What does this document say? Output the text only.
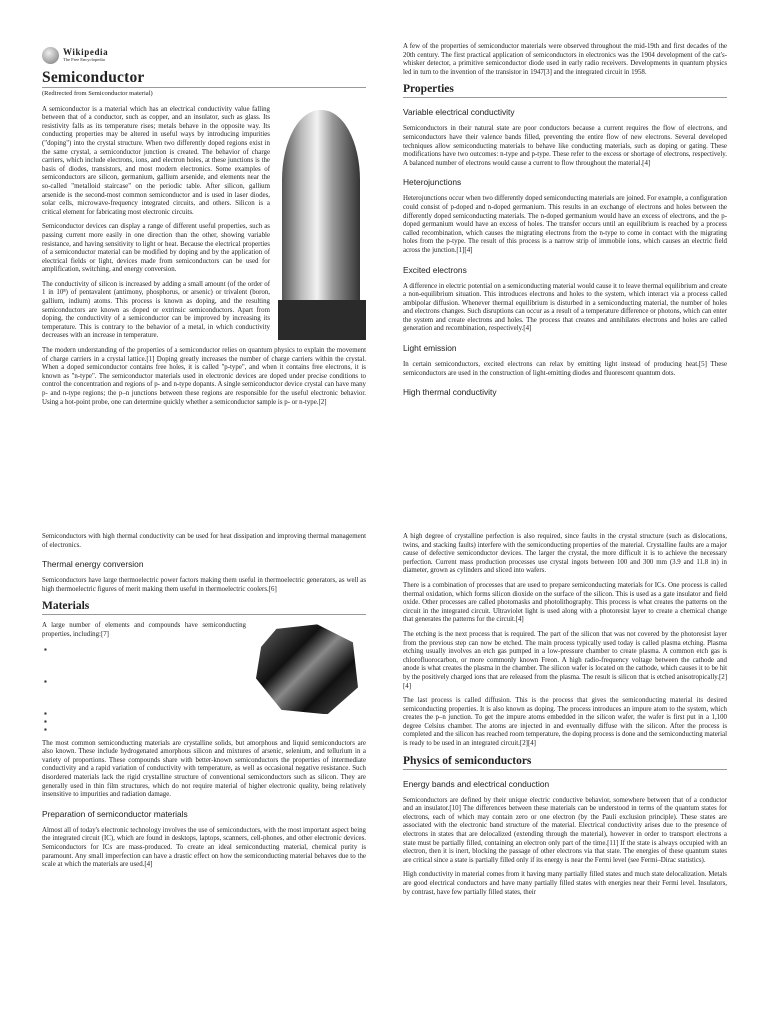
Wikipedia
The Free Encyclopedia
Semiconductor
(Redirected from Semiconductor material)

A semiconductor is a material which has an electrical conductivity value falling between that of a conductor, such as copper, and an insulator, such as glass. Its resistivity falls as its temperature rises; metals behave in the opposite way. Its conducting properties may be altered in useful ways by introducing impurities ("doping") into the crystal structure. When two differently doped regions exist in the same crystal, a semiconductor junction is created. The behavior of charge carriers, which include electrons, ions, and electron holes, at these junctions is the basis of diodes, transistors, and most modern electronics. Some examples of semiconductors are silicon, germanium, gallium arsenide, and elements near the so-called "metalloid staircase" on the periodic table. After silicon, gallium arsenide is the second-most common semiconductor and is used in laser diodes, solar cells, microwave-frequency integrated circuits, and others. Silicon is a critical element for fabricating most electronic circuits.

Semiconductor devices can display a range of different useful properties, such as passing current more easily in one direction than the other, showing variable resistance, and having sensitivity to light or heat. Because the electrical properties of a semiconductor material can be modified by doping and by the application of electrical fields or light, devices made from semiconductors can be used for amplification, switching, and energy conversion.

The conductivity of silicon is increased by adding a small amount (of the order of 1 in 10⁸) of pentavalent (antimony, phosphorus, or arsenic) or trivalent (boron, gallium, indium) atoms. This process is known as doping, and the resulting semiconductors are known as doped or extrinsic semiconductors. Apart from doping, the conductivity of a semiconductor can be improved by increasing its temperature. This is contrary to the behavior of a metal, in which conductivity decreases with an increase in temperature.

The modern understanding of the properties of a semiconductor relies on quantum physics to explain the movement of charge carriers in a crystal lattice.[1] Doping greatly increases the number of charge carriers within the crystal. When a doped semiconductor contains free holes, it is called "p-type", and when it contains free electrons, it is known as "n-type". The semiconductor materials used in electronic devices are doped under precise conditions to control the concentration and regions of p- and n-type dopants. A single semiconductor device crystal can have many p- and n-type regions; the p–n junctions between these regions are responsible for the useful electronic behavior. Using a hot-point probe, one can determine quickly whether a semiconductor sample is p- or n-type.[2]

A few of the properties of semiconductor materials were observed throughout the mid-19th and first decades of the 20th century. The first practical application of semiconductors in electronics was the 1904 development of the cat's-whisker detector, a primitive semiconductor diode used in early radio receivers. Developments in quantum physics led in turn to the invention of the transistor in 1947[3] and the integrated circuit in 1958.

Properties
Variable electrical conductivity

Semiconductors in their natural state are poor conductors because a current requires the flow of electrons, and semiconductors have their valence bands filled, preventing the entire flow of new electrons. Several developed techniques allow semiconducting materials to behave like conducting materials, such as doping or gating. These modifications have two outcomes: n-type and p-type. These refer to the excess or shortage of electrons, respectively. A balanced number of electrons would cause a current to flow throughout the material.[4]

Heterojunctions

Heterojunctions occur when two differently doped semiconducting materials are joined. For example, a configuration could consist of p-doped and n-doped germanium. This results in an exchange of electrons and holes between the differently doped semiconducting materials. The n-doped germanium would have an excess of electrons, and the p-doped germanium would have an excess of holes. The transfer occurs until an equilibrium is reached by a process called recombination, which causes the migrating electrons from the n-type to come in contact with the migrating holes from the p-type. The result of this process is a narrow strip of immobile ions, which causes an electric field across the junction.[1][4]

Excited electrons

A difference in electric potential on a semiconducting material would cause it to leave thermal equilibrium and create a non-equilibrium situation. This introduces electrons and holes to the system, which interact via a process called ambipolar diffusion. Whenever thermal equilibrium is disturbed in a semiconducting material, the number of holes and electrons changes. Such disruptions can occur as a result of a temperature difference or photons, which can enter the system and create electrons and holes. The process that creates and annihilates electrons and holes are called generation and recombination, respectively.[4]

Light emission

In certain semiconductors, excited electrons can relax by emitting light instead of producing heat.[5] These semiconductors are used in the construction of light-emitting diodes and fluorescent quantum dots.

High thermal conductivity

Semiconductors with high thermal conductivity can be used for heat dissipation and improving thermal management of electronics.

Thermal energy conversion

Semiconductors have large thermoelectric power factors making them useful in thermoelectric generators, as well as high thermoelectric figures of merit making them useful in thermoelectric coolers.[6]

Materials

A large number of elements and compounds have semiconducting properties, including:[7]

▪
▪
▪
▪
▪

The most common semiconducting materials are crystalline solids, but amorphous and liquid semiconductors are also known. These include hydrogenated amorphous silicon and mixtures of arsenic, selenium, and tellurium in a variety of proportions. These compounds share with better-known semiconductors the properties of intermediate conductivity and a rapid variation of conductivity with temperature, as well as occasional negative resistance. Such disordered materials lack the rigid crystalline structure of conventional semiconductors such as silicon. They are generally used in thin film structures, which do not require material of higher electronic quality, being relatively insensitive to impurities and radiation damage.

Preparation of semiconductor materials

Almost all of today's electronic technology involves the use of semiconductors, with the most important aspect being the integrated circuit (IC), which are found in desktops, laptops, scanners, cell-phones, and other electronic devices. Semiconductors for ICs are mass-produced. To create an ideal semiconducting material, chemical purity is paramount. Any small imperfection can have a drastic effect on how the semiconducting material behaves due to the scale at which the materials are used.[4]

A high degree of crystalline perfection is also required, since faults in the crystal structure (such as dislocations, twins, and stacking faults) interfere with the semiconducting properties of the material. Crystalline faults are a major cause of defective semiconductor devices. The larger the crystal, the more difficult it is to achieve the necessary perfection. Current mass production processes use crystal ingots between 100 and 300 mm (3.9 and 11.8 in) in diameter, grown as cylinders and sliced into wafers.

There is a combination of processes that are used to prepare semiconducting materials for ICs. One process is called thermal oxidation, which forms silicon dioxide on the surface of the silicon. This is used as a gate insulator and field oxide. Other processes are called photomasks and photolithography. This process is what creates the patterns on the circuit in the integrated circuit. Ultraviolet light is used along with a photoresist layer to create a chemical change that generates the patterns for the circuit.[4]

The etching is the next process that is required. The part of the silicon that was not covered by the photoresist layer from the previous step can now be etched. The main process typically used today is called plasma etching. Plasma etching usually involves an etch gas pumped in a low-pressure chamber to create plasma. A common etch gas is chlorofluorocarbon, or more commonly known Freon. A high radio-frequency voltage between the cathode and anode is what creates the plasma in the chamber. The silicon wafer is located on the cathode, which causes it to be hit by the positively charged ions that are released from the plasma. The result is silicon that is etched anisotropically.[2][4]

The last process is called diffusion. This is the process that gives the semiconducting material its desired semiconducting properties. It is also known as doping. The process introduces an impure atom to the system, which creates the p–n junction. To get the impure atoms embedded in the silicon wafer, the wafer is first put in a 1,100 degree Celsius chamber. The atoms are injected in and eventually diffuse with the silicon. After the process is completed and the silicon has reached room temperature, the doping process is done and the semiconducting material is ready to be used in an integrated circuit.[2][4]

Physics of semiconductors
Energy bands and electrical conduction

Semiconductors are defined by their unique electric conductive behavior, somewhere between that of a conductor and an insulator.[10] The differences between these materials can be understood in terms of the quantum states for electrons, each of which may contain zero or one electron (by the Pauli exclusion principle). These states are associated with the electronic band structure of the material. Electrical conductivity arises due to the presence of electrons in states that are delocalized (extending through the material), however in order to transport electrons a state must be partially filled, containing an electron only part of the time.[11] If the state is always occupied with an electron, then it is inert, blocking the passage of other electrons via that state. The energies of these quantum states are critical since a state is partially filled only if its energy is near the Fermi level (see Fermi–Dirac statistics).

High conductivity in material comes from it having many partially filled states and much state delocalization. Metals are good electrical conductors and have many partially filled states with energies near their Fermi level. Insulators, by contrast, have few partially filled states, their
